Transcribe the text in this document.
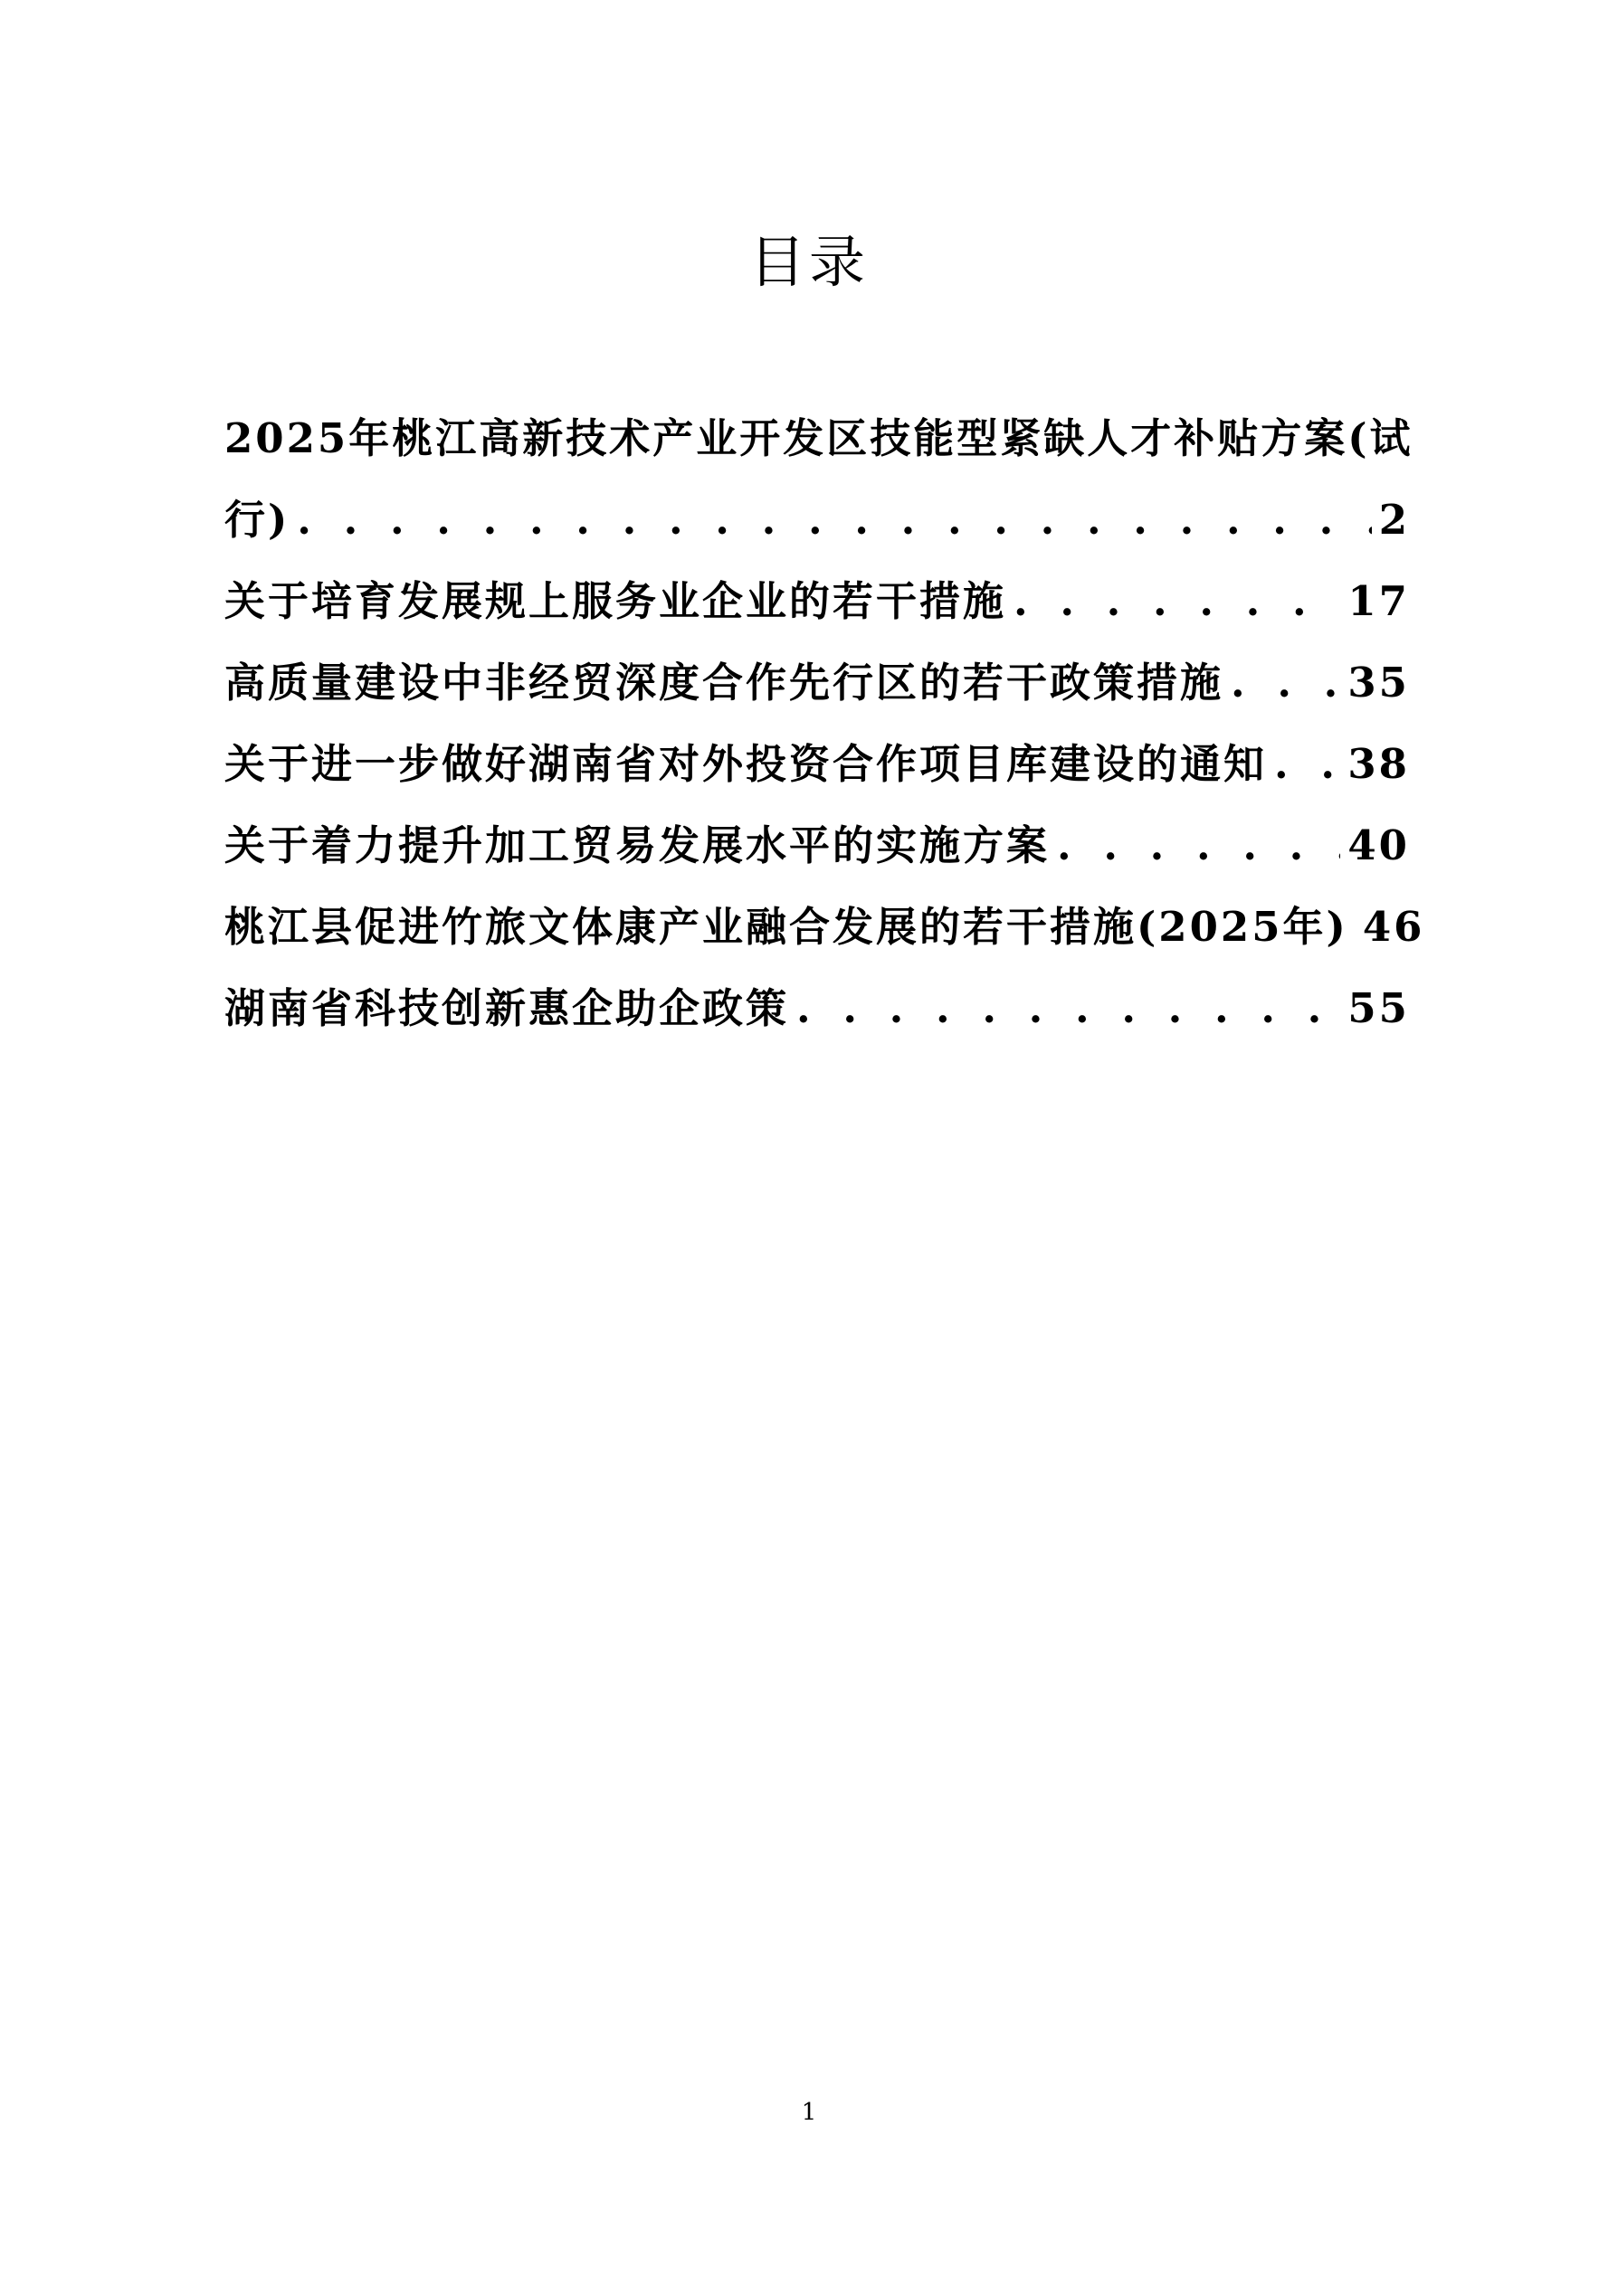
目录
2025年桃江高新技术产业开发区技能型紧缺人才补贴方案(试
行) . . .	2
关于培育发展规上服务业企业的若干措施 . . .	17
高质量建设中非经贸深度合作先行区的若干政策措施 . . .	35
关于进一步做好湖南省对外投资合作项目库建设的通知 . . . 38
关于着力提升加工贸易发展水平的实施方案 . . .	40
桃江县促进竹旅文体康产业融合发展的若干措施(2025年) 46
湖南省科技创新惠企助企政策 . . .	55
1
